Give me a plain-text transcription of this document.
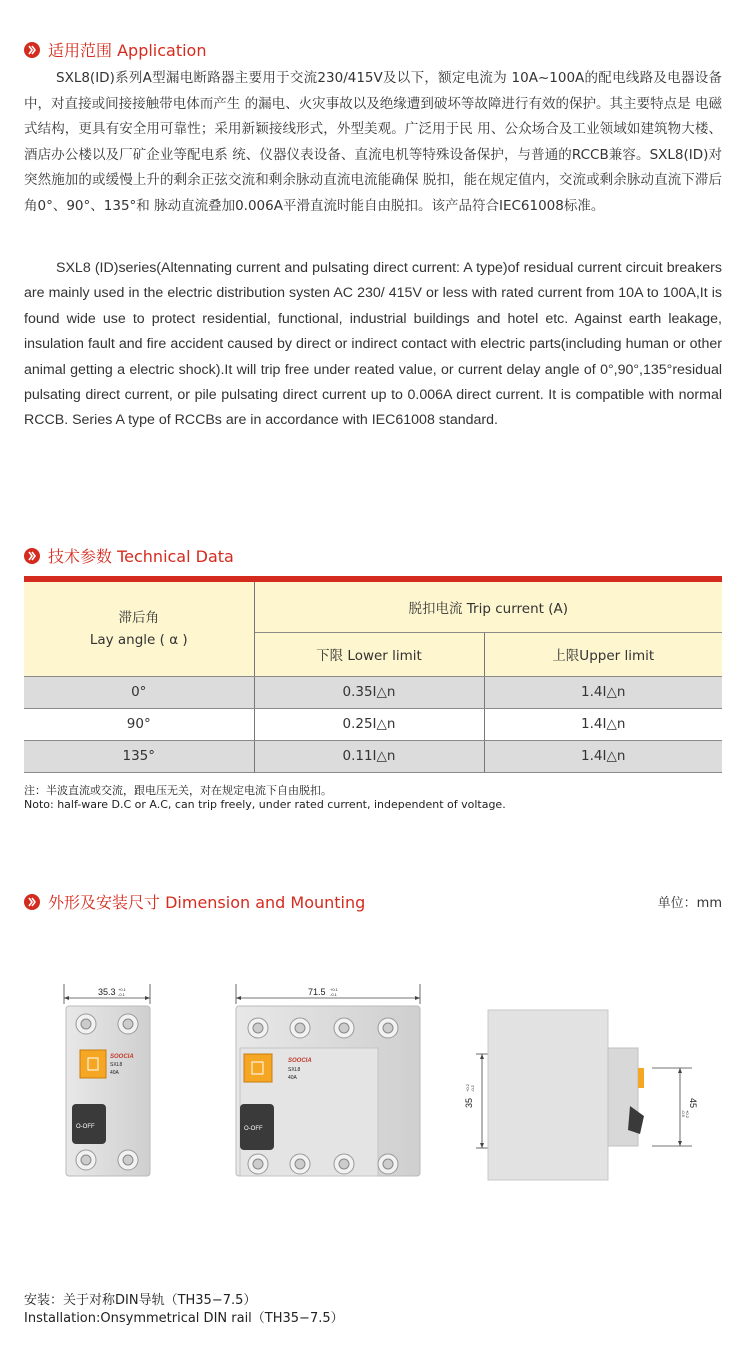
适用范围 Application

SXL8(ID)系列A型漏电断路器主要用于交流230/415V及以下，额定电流为 10A~100A的配电线路及电器设备中，对直接或间接接触带电体而产生 的漏电、火灾事故以及绝缘遭到破坏等故障进行有效的保护。其主要特点是 电磁式结构，更具有安全用可靠性；采用新颖接线形式，外型美观。广泛用于民 用、公众场合及工业领域如建筑物大楼、酒店办公楼以及厂矿企业等配电系 统、仪器仪表设备、直流电机等特殊设备保护，与普通的RCCB兼容。SXL8(ID)对突然施加的或缓慢上升的剩余正弦交流和剩余脉动直流电流能确保 脱扣，能在规定值内，交流或剩余脉动直流下滞后角0°、90°、135°和 脉动直流叠加0.006A平滑直流时能自由脱扣。该产品符合IEC61008标准。

SXL8 (ID)series(Altennating current and pulsating direct current: A type)of residual current circuit breakers are mainly used in the electric distribution systen AC 230/ 415V or less with rated current from 10A to 100A,It is found wide use to protect residential, functional, industrial buildings and hotel etc. Against earth leakage, insulation fault and fire accident caused by direct or indirect contact with electric parts(including human or other animal getting a electric shock).It will trip free under reated value, or current delay angle of 0°,90°,135°residual pulsating direct current, or pile pulsating direct current up to 0.006A direct current. It is compatible with normal RCCB. Series A type of RCCBs are in accordance with IEC61008 standard.

技术参数 Technical Data
滞后角
Lay angle ( α )	脱扣电流 Trip current (A)	
	下限 Lower limit	上限Upper limit
0°	0.35I△n	1.4I△n
90°	0.25I△n	1.4I△n
135°	0.11I△n	1.4I△n
注：半波直流或交流，跟电压无关，对在规定电流下自由脱扣。
Noto: half-ware D.C or A.C, can trip freely, under rated current, independent of voltage.
外形及安装尺寸 Dimension and Mounting	单位：mm
35.3 +0.1
-0.1
SOOCIA
SXL8
40A
O-OFF
71.5 +0.1
-0.1
SOOCIA
SXL8
40A
O-OFF
35
+0.2 -0.2
45
+0.2
-0.5
安装：关于对称DIN导轨（TH35−7.5）
Installation:Onsymmetrical DIN rail（TH35−7.5）
